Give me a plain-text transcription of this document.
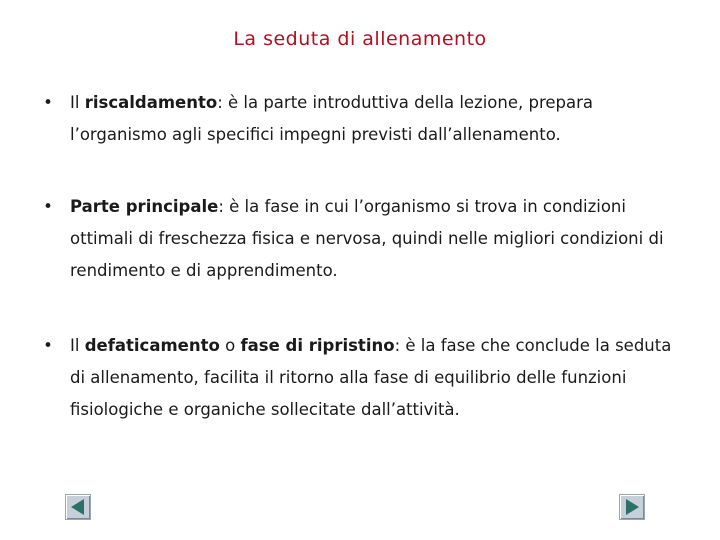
La seduta di allenamento
• Il riscaldamento: è la parte introduttiva della lezione, prepara l’organismo agli specifici impegni previsti dall’allenamento.
• Parte principale: è la fase in cui l’organismo si trova in condizioni ottimali di freschezza fisica e nervosa, quindi nelle migliori condizioni di rendimento e di apprendimento.
• Il defaticamento o fase di ripristino: è la fase che conclude la seduta di allenamento, facilita il ritorno alla fase di equilibrio delle funzioni fisiologiche e organiche sollecitate dall’attività.
